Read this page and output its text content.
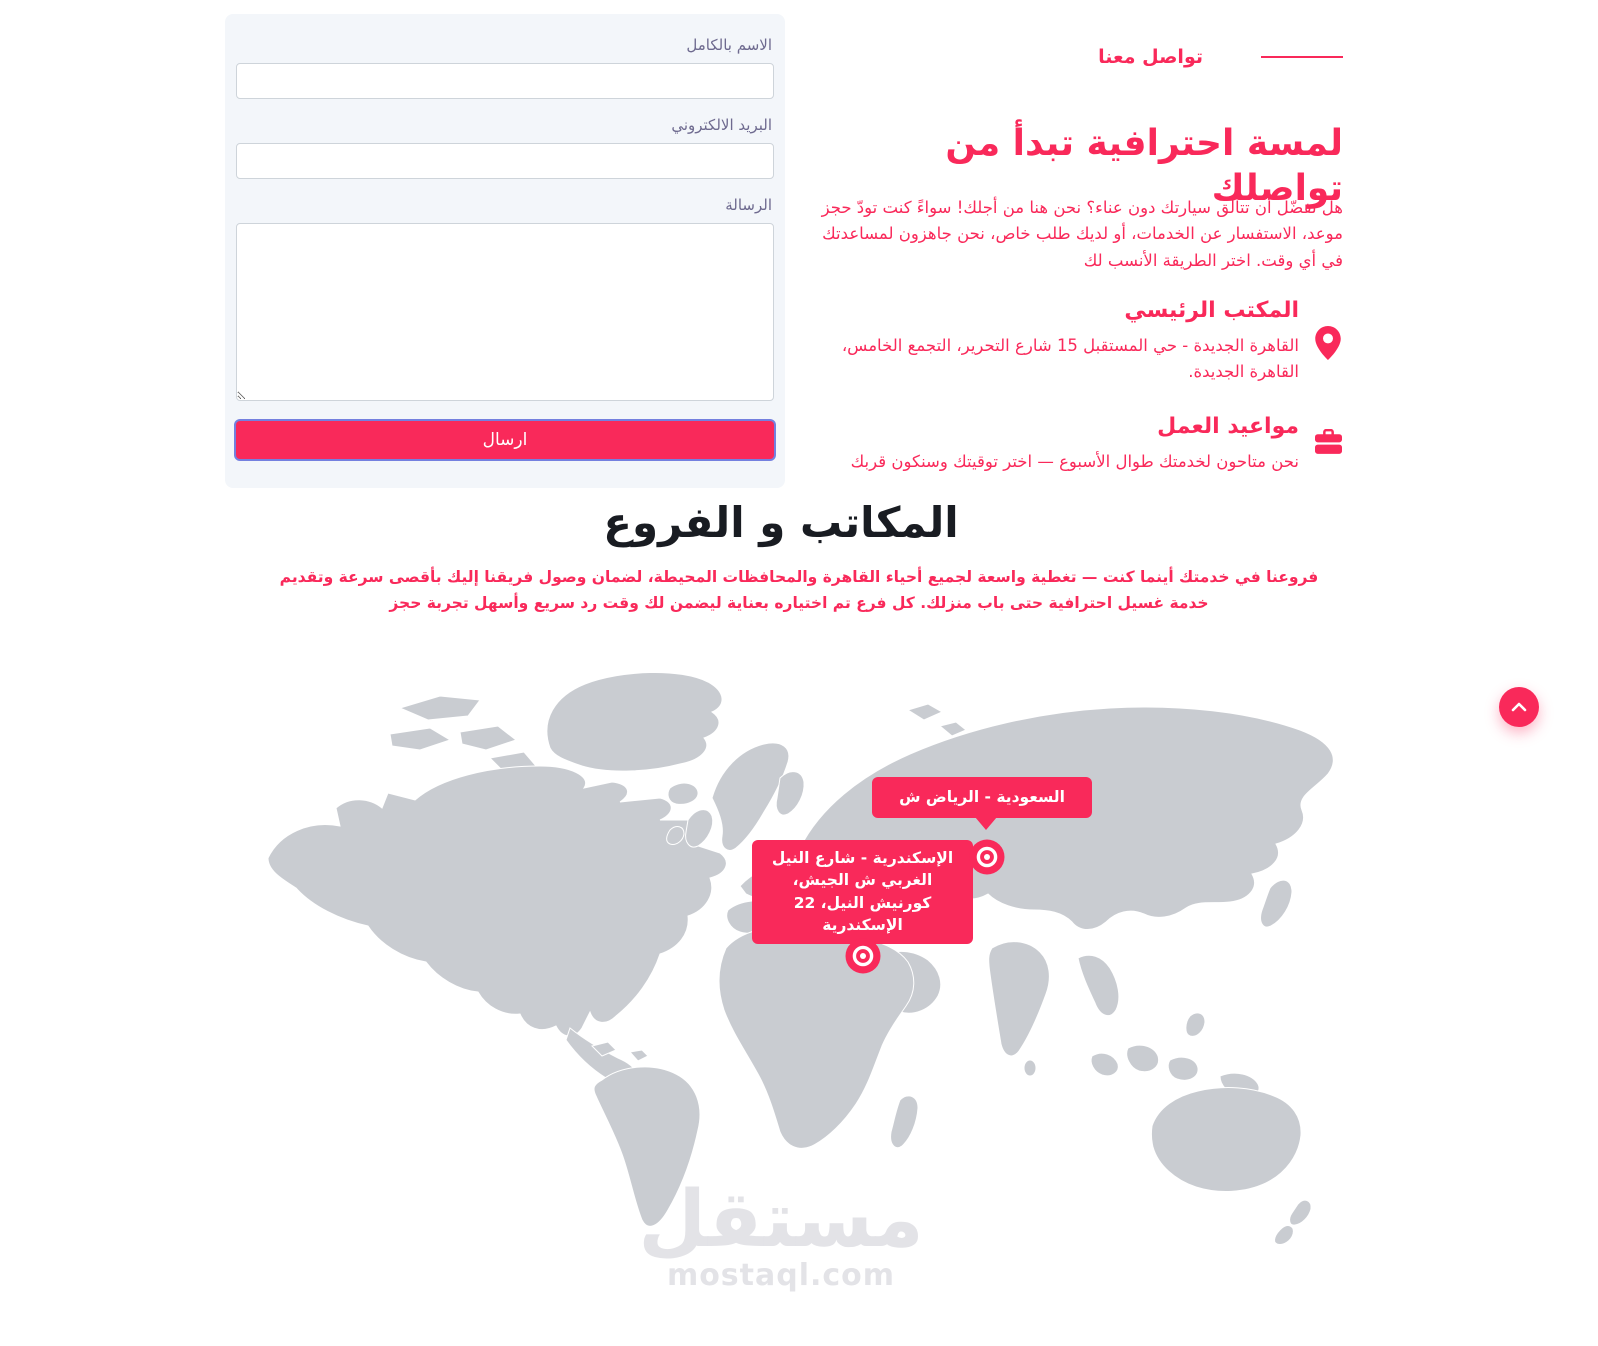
الاسم بالكامل
البريد الالكتروني
الرسالة
ارسال
تواصل معنا
لمسة احترافية تبدأ من تواصلك

هل تفضّل أن تتألق سيارتك دون عناء؟ نحن هنا من أجلك! سواءً كنت تودّ حجز موعد، الاستفسار عن الخدمات، أو لديك طلب خاص، نحن جاهزون لمساعدتك في أي وقت. اختر الطريقة الأنسب لك

المكتب الرئيسي

القاهرة الجديدة - حي المستقبل 15 شارع التحرير، التجمع الخامس، القاهرة الجديدة.

مواعيد العمل

نحن متاحون لخدمتك طوال الأسبوع — اختر توقيتك وسنكون قربك

المكاتب و الفروع

فروعنا في خدمتك أينما كنت — تغطية واسعة لجميع أحياء القاهرة والمحافظات المحيطة، لضمان وصول فريقنا إليك بأقصى سرعة وتقديم خدمة غسيل احترافية حتى باب منزلك. كل فرع تم اختياره بعناية ليضمن لك وقت رد سريع وأسهل تجربة حجز

السعودية - الرياض ش
الإسكندرية - شارع النيل الغربي ش الجيش، كورنيش النيل، 22 الإسكندرية
مستقل
mostaql.com
